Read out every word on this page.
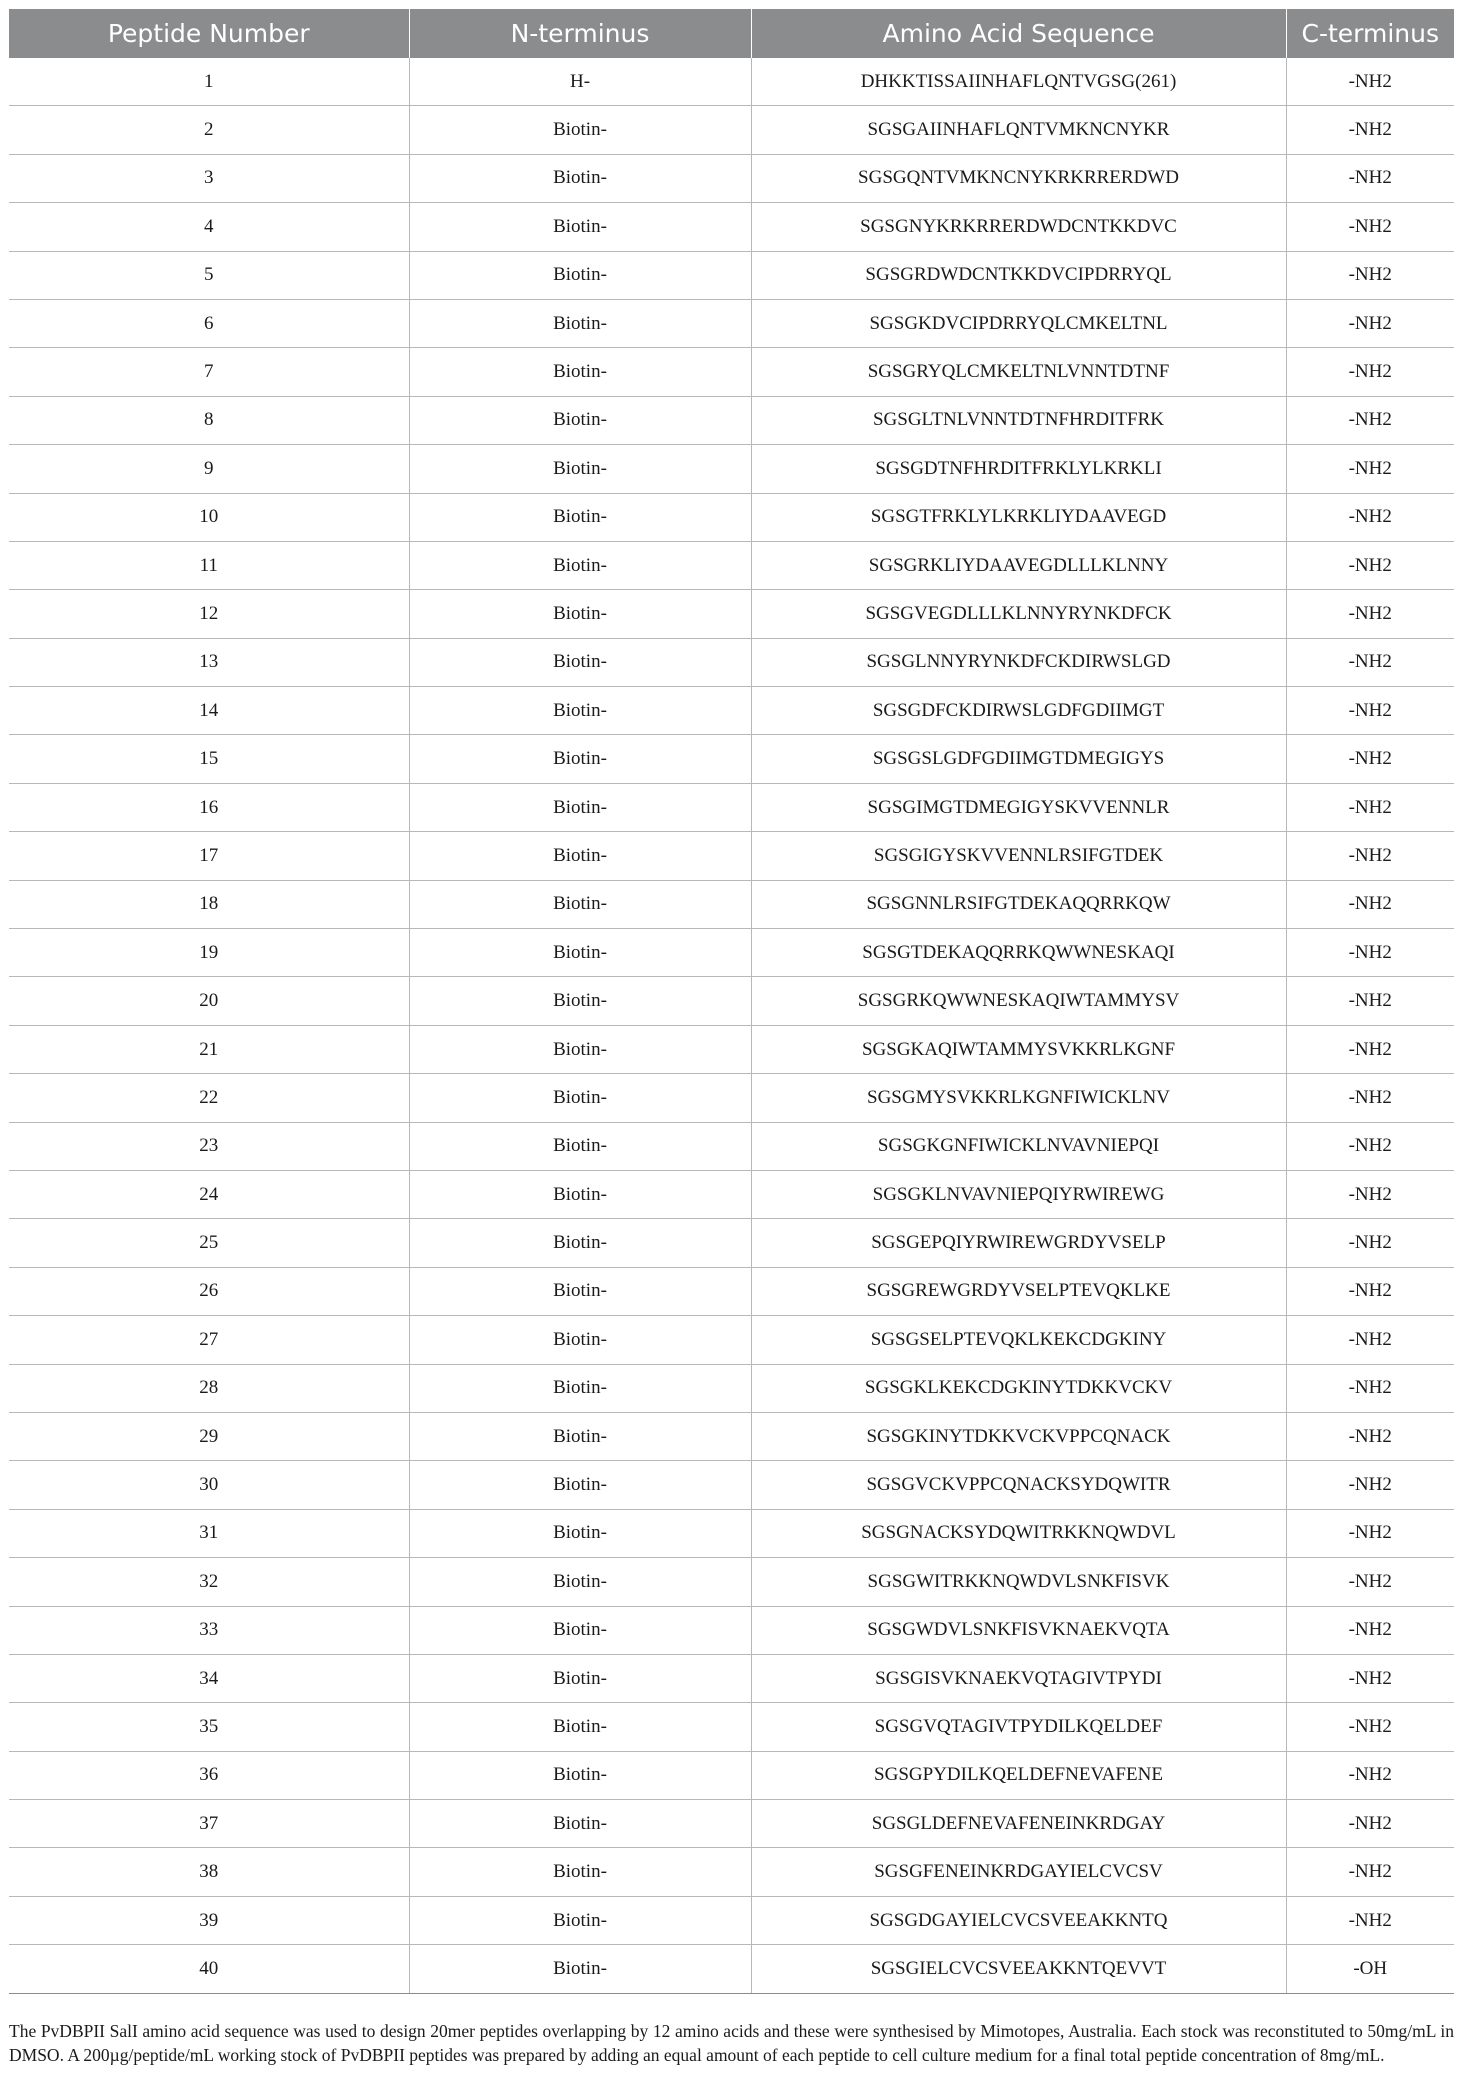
Peptide Number	N-terminus	Amino Acid Sequence	C-terminus
1	H-	DHKKTISSAIINHAFLQNTVGSG(261)	-NH2
2	Biotin-	SGSGAIINHAFLQNTVMKNCNYKR	-NH2
3	Biotin-	SGSGQNTVMKNCNYKRKRRERDWD	-NH2
4	Biotin-	SGSGNYKRKRRERDWDCNTKKDVC	-NH2
5	Biotin-	SGSGRDWDCNTKKDVCIPDRRYQL	-NH2
6	Biotin-	SGSGKDVCIPDRRYQLCMKELTNL	-NH2
7	Biotin-	SGSGRYQLCMKELTNLVNNTDTNF	-NH2
8	Biotin-	SGSGLTNLVNNTDTNFHRDITFRK	-NH2
9	Biotin-	SGSGDTNFHRDITFRKLYLKRKLI	-NH2
10	Biotin-	SGSGTFRKLYLKRKLIYDAAVEGD	-NH2
11	Biotin-	SGSGRKLIYDAAVEGDLLLKLNNY	-NH2
12	Biotin-	SGSGVEGDLLLKLNNYRYNKDFCK	-NH2
13	Biotin-	SGSGLNNYRYNKDFCKDIRWSLGD	-NH2
14	Biotin-	SGSGDFCKDIRWSLGDFGDIIMGT	-NH2
15	Biotin-	SGSGSLGDFGDIIMGTDMEGIGYS	-NH2
16	Biotin-	SGSGIMGTDMEGIGYSKVVENNLR	-NH2
17	Biotin-	SGSGIGYSKVVENNLRSIFGTDEK	-NH2
18	Biotin-	SGSGNNLRSIFGTDEKAQQRRKQW	-NH2
19	Biotin-	SGSGTDEKAQQRRKQWWNESKAQI	-NH2
20	Biotin-	SGSGRKQWWNESKAQIWTAMMYSV	-NH2
21	Biotin-	SGSGKAQIWTAMMYSVKKRLKGNF	-NH2
22	Biotin-	SGSGMYSVKKRLKGNFIWICKLNV	-NH2
23	Biotin-	SGSGKGNFIWICKLNVAVNIEPQI	-NH2
24	Biotin-	SGSGKLNVAVNIEPQIYRWIREWG	-NH2
25	Biotin-	SGSGEPQIYRWIREWGRDYVSELP	-NH2
26	Biotin-	SGSGREWGRDYVSELPTEVQKLKE	-NH2
27	Biotin-	SGSGSELPTEVQKLKEKCDGKINY	-NH2
28	Biotin-	SGSGKLKEKCDGKINYTDKKVCKV	-NH2
29	Biotin-	SGSGKINYTDKKVCKVPPCQNACK	-NH2
30	Biotin-	SGSGVCKVPPCQNACKSYDQWITR	-NH2
31	Biotin-	SGSGNACKSYDQWITRKKNQWDVL	-NH2
32	Biotin-	SGSGWITRKKNQWDVLSNKFISVK	-NH2
33	Biotin-	SGSGWDVLSNKFISVKNAEKVQTA	-NH2
34	Biotin-	SGSGISVKNAEKVQTAGIVTPYDI	-NH2
35	Biotin-	SGSGVQTAGIVTPYDILKQELDEF	-NH2
36	Biotin-	SGSGPYDILKQELDEFNEVAFENE	-NH2
37	Biotin-	SGSGLDEFNEVAFENEINKRDGAY	-NH2
38	Biotin-	SGSGFENEINKRDGAYIELCVCSV	-NH2
39	Biotin-	SGSGDGAYIELCVCSVEEAKKNTQ	-NH2
40	Biotin-	SGSGIELCVCSVEEAKKNTQEVVT	-OH

The PvDBPII SalI amino acid sequence was used to design 20mer peptides overlapping by 12 amino acids and these were synthesised by Mimotopes, Australia. Each stock was reconstituted to 50mg/mL in DMSO. A 200µg/peptide/mL working stock of PvDBPII peptides was prepared by adding an equal amount of each peptide to cell culture medium for a final total peptide concentration of 8mg/mL.
